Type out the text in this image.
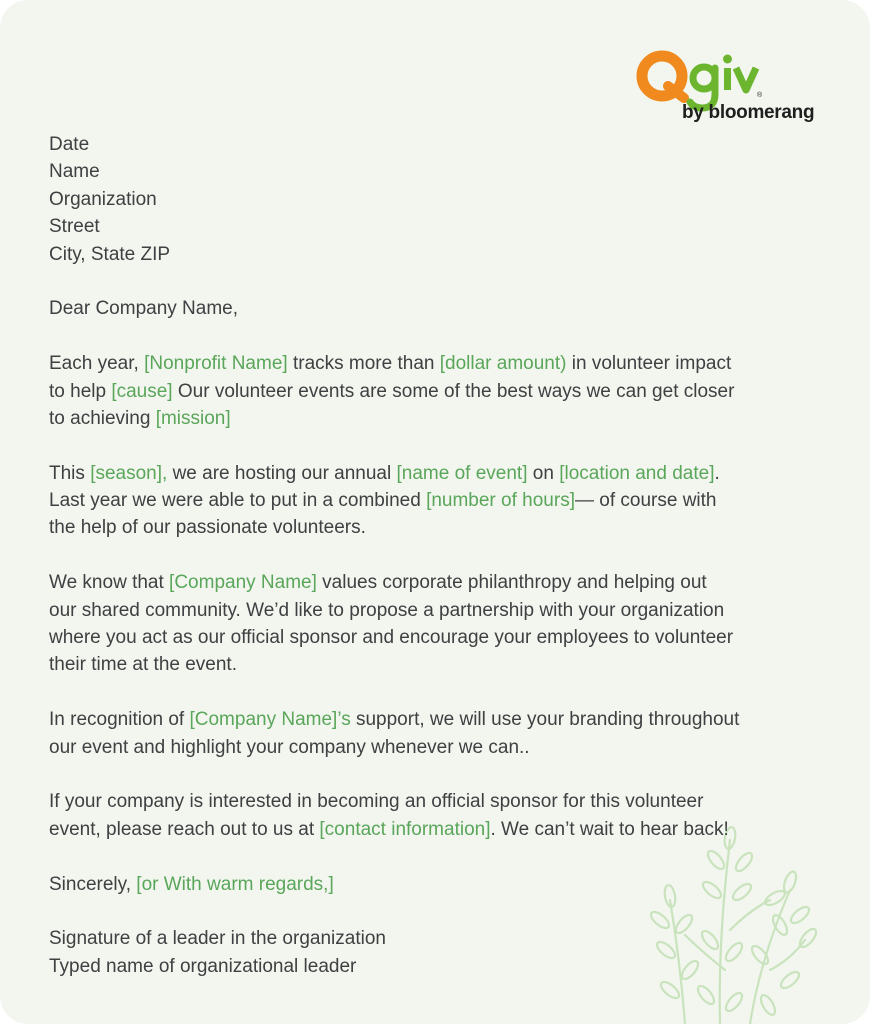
®
by bloomerang
Date
Name
Organization
Street
City, State ZIP
Dear Company Name,
Each year, [Nonprofit Name] tracks more than [dollar amount) in volunteer impact
to help [cause] Our volunteer events are some of the best ways we can get closer
to achieving [mission]
This [season], we are hosting our annual [name of event] on [location and date].
Last year we were able to put in a combined [number of hours]— of course with
the help of our passionate volunteers.
We know that [Company Name] values corporate philanthropy and helping out
our shared community. We’d like to propose a partnership with your organization
where you act as our official sponsor and encourage your employees to volunteer
their time at the event.
In recognition of [Company Name]’s support, we will use your branding throughout
our event and highlight your company whenever we can..
If your company is interested in becoming an official sponsor for this volunteer
event, please reach out to us at [contact information]. We can’t wait to hear back!
Sincerely, [or With warm regards,]
Signature of a leader in the organization
Typed name of organizational leader
